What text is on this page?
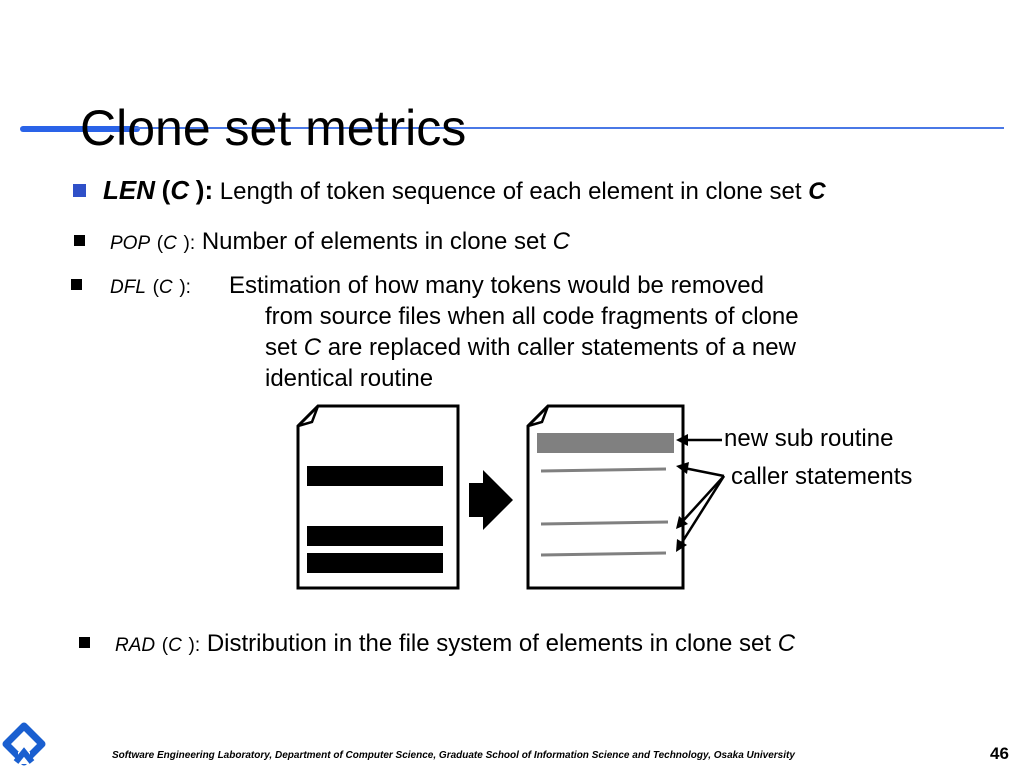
Clone set metrics
LEN (C ): Length of token sequence of each element in clone set C
POP (C ): Number of elements in clone set C
DFL (C ): Estimation of how many tokens would be removed
from source files when all code fragments of clone
set C are replaced with caller statements of a new
identical routine
new sub routine
caller statements
RAD (C ): Distribution in the file system of elements in clone set C
Software Engineering Laboratory, Department of Computer Science, Graduate School of Information Science and Technology, Osaka University	46
